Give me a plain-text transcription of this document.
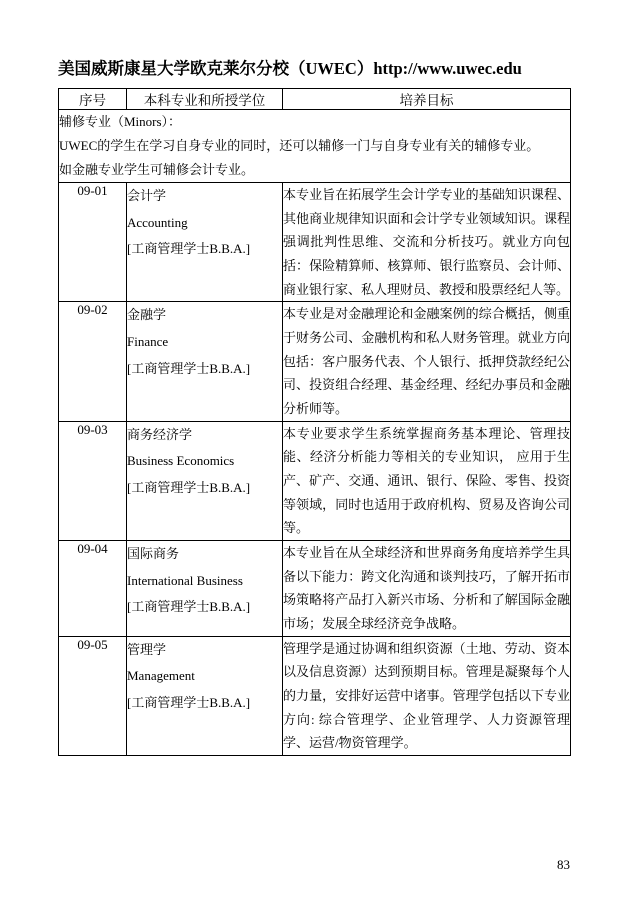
美国威斯康星大学欧克莱尔分校（UWEC）http://www.uwec.edu
序号	本科专业和所授学位	培养目标

辅修专业（Minors）：

UWEC的学生在学习自身专业的同时，还可以辅修一门与自身专业有关的辅修专业。

如金融专业学生可辅修会计专业。		

09-01	会计学
Accounting
[工商管理学士B.B.A.]	本专业旨在拓展学生会计学专业的基础知识课程、其他商业规律知识面和会计学专业领域知识。课程强调批判性思维、交流和分析技巧。就业方向包括：保险精算师、核算师、银行监察员、会计师、商业银行家、私人理财员、教授和股票经纪人等。
09-02	金融学
Finance
[工商管理学士B.B.A.]	本专业是对金融理论和金融案例的综合概括，侧重于财务公司、金融机构和私人财务管理。就业方向包括：客户服务代表、个人银行、抵押贷款经纪公司、投资组合经理、基金经理、经纪办事员和金融分析师等。
09-03	商务经济学
Business Economics
[工商管理学士B.B.A.]	本专业要求学生系统掌握商务基本理论、管理技能、经济分析能力等相关的专业知识， 应用于生产、矿产、交通、通讯、银行、保险、零售、投资等领域，同时也适用于政府机构、贸易及咨询公司等。
09-04	国际商务
International Business
[工商管理学士B.B.A.]	本专业旨在从全球经济和世界商务角度培养学生具备以下能力：跨文化沟通和谈判技巧，了解开拓市场策略将产品打入新兴市场、分析和了解国际金融市场；发展全球经济竞争战略。
09-05	管理学
Management
[工商管理学士B.B.A.]	管理学是通过协调和组织资源（土地、劳动、资本以及信息资源）达到预期目标。管理是凝聚每个人的力量，安排好运营中诸事。管理学包括以下专业方向: 综合管理学、企业管理学、人力资源管理学、运营/物资管理学。
83
